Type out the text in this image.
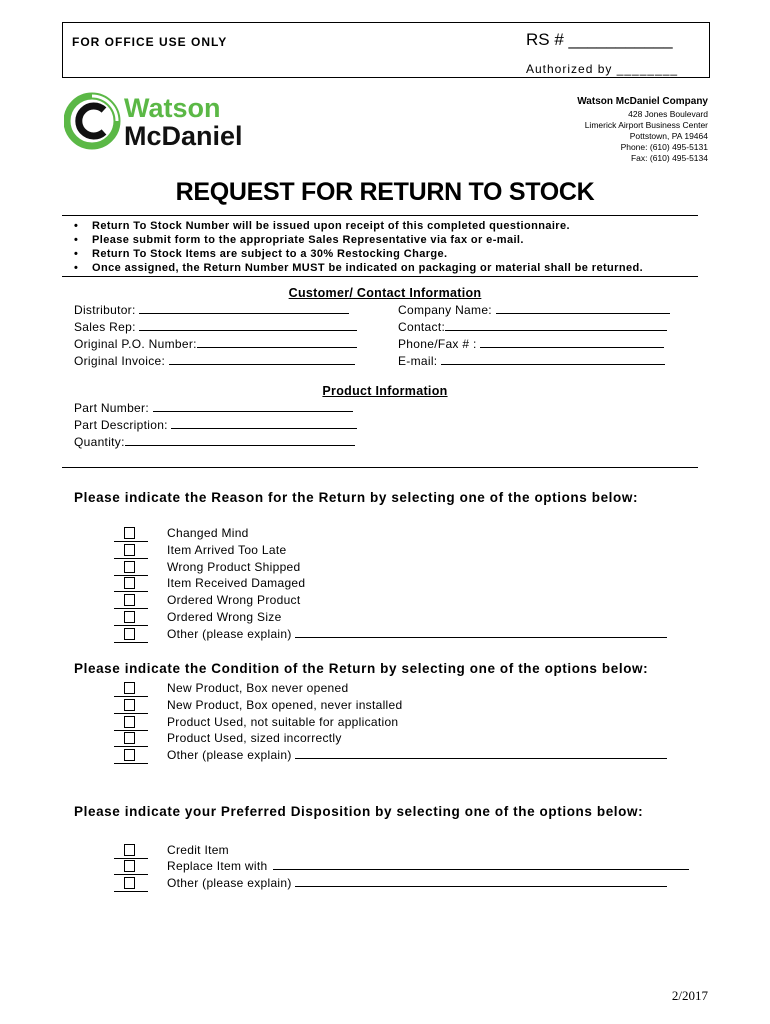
FOR OFFICE USE ONLY	RS # ___________
Authorized by ________
Watson
McDaniel
Watson McDaniel Company
428 Jones Boulevard
Limerick Airport Business Center
Pottstown, PA 19464
Phone: (610) 495-5131
Fax: (610) 495-5134
REQUEST FOR RETURN TO STOCK
• Return To Stock Number will be issued upon receipt of this completed questionnaire.
• Please submit form to the appropriate Sales Representative via fax or e-mail.
• Return To Stock Items are subject to a 30% Restocking Charge.
• Once assigned, the Return Number MUST be indicated on packaging or material shall be returned.
Customer/ Contact Information
Distributor:
Sales Rep:
Original P.O. Number:
Original Invoice:
Company Name:
Contact:
Phone/Fax # :
E-mail:
Product Information
Part Number:
Part Description:
Quantity:
Please indicate the Reason for the Return by selecting one of the options below:
Changed Mind
Item Arrived Too Late
Wrong Product Shipped
Item Received Damaged
Ordered Wrong Product
Ordered Wrong Size
Other (please explain)
Please indicate the Condition of the Return by selecting one of the options below:
New Product, Box never opened
New Product, Box opened, never installed
Product Used, not suitable for application
Product Used, sized incorrectly
Other (please explain)
Please indicate your Preferred Disposition by selecting one of the options below:
Credit Item
Replace Item with
Other (please explain)
2/2017
